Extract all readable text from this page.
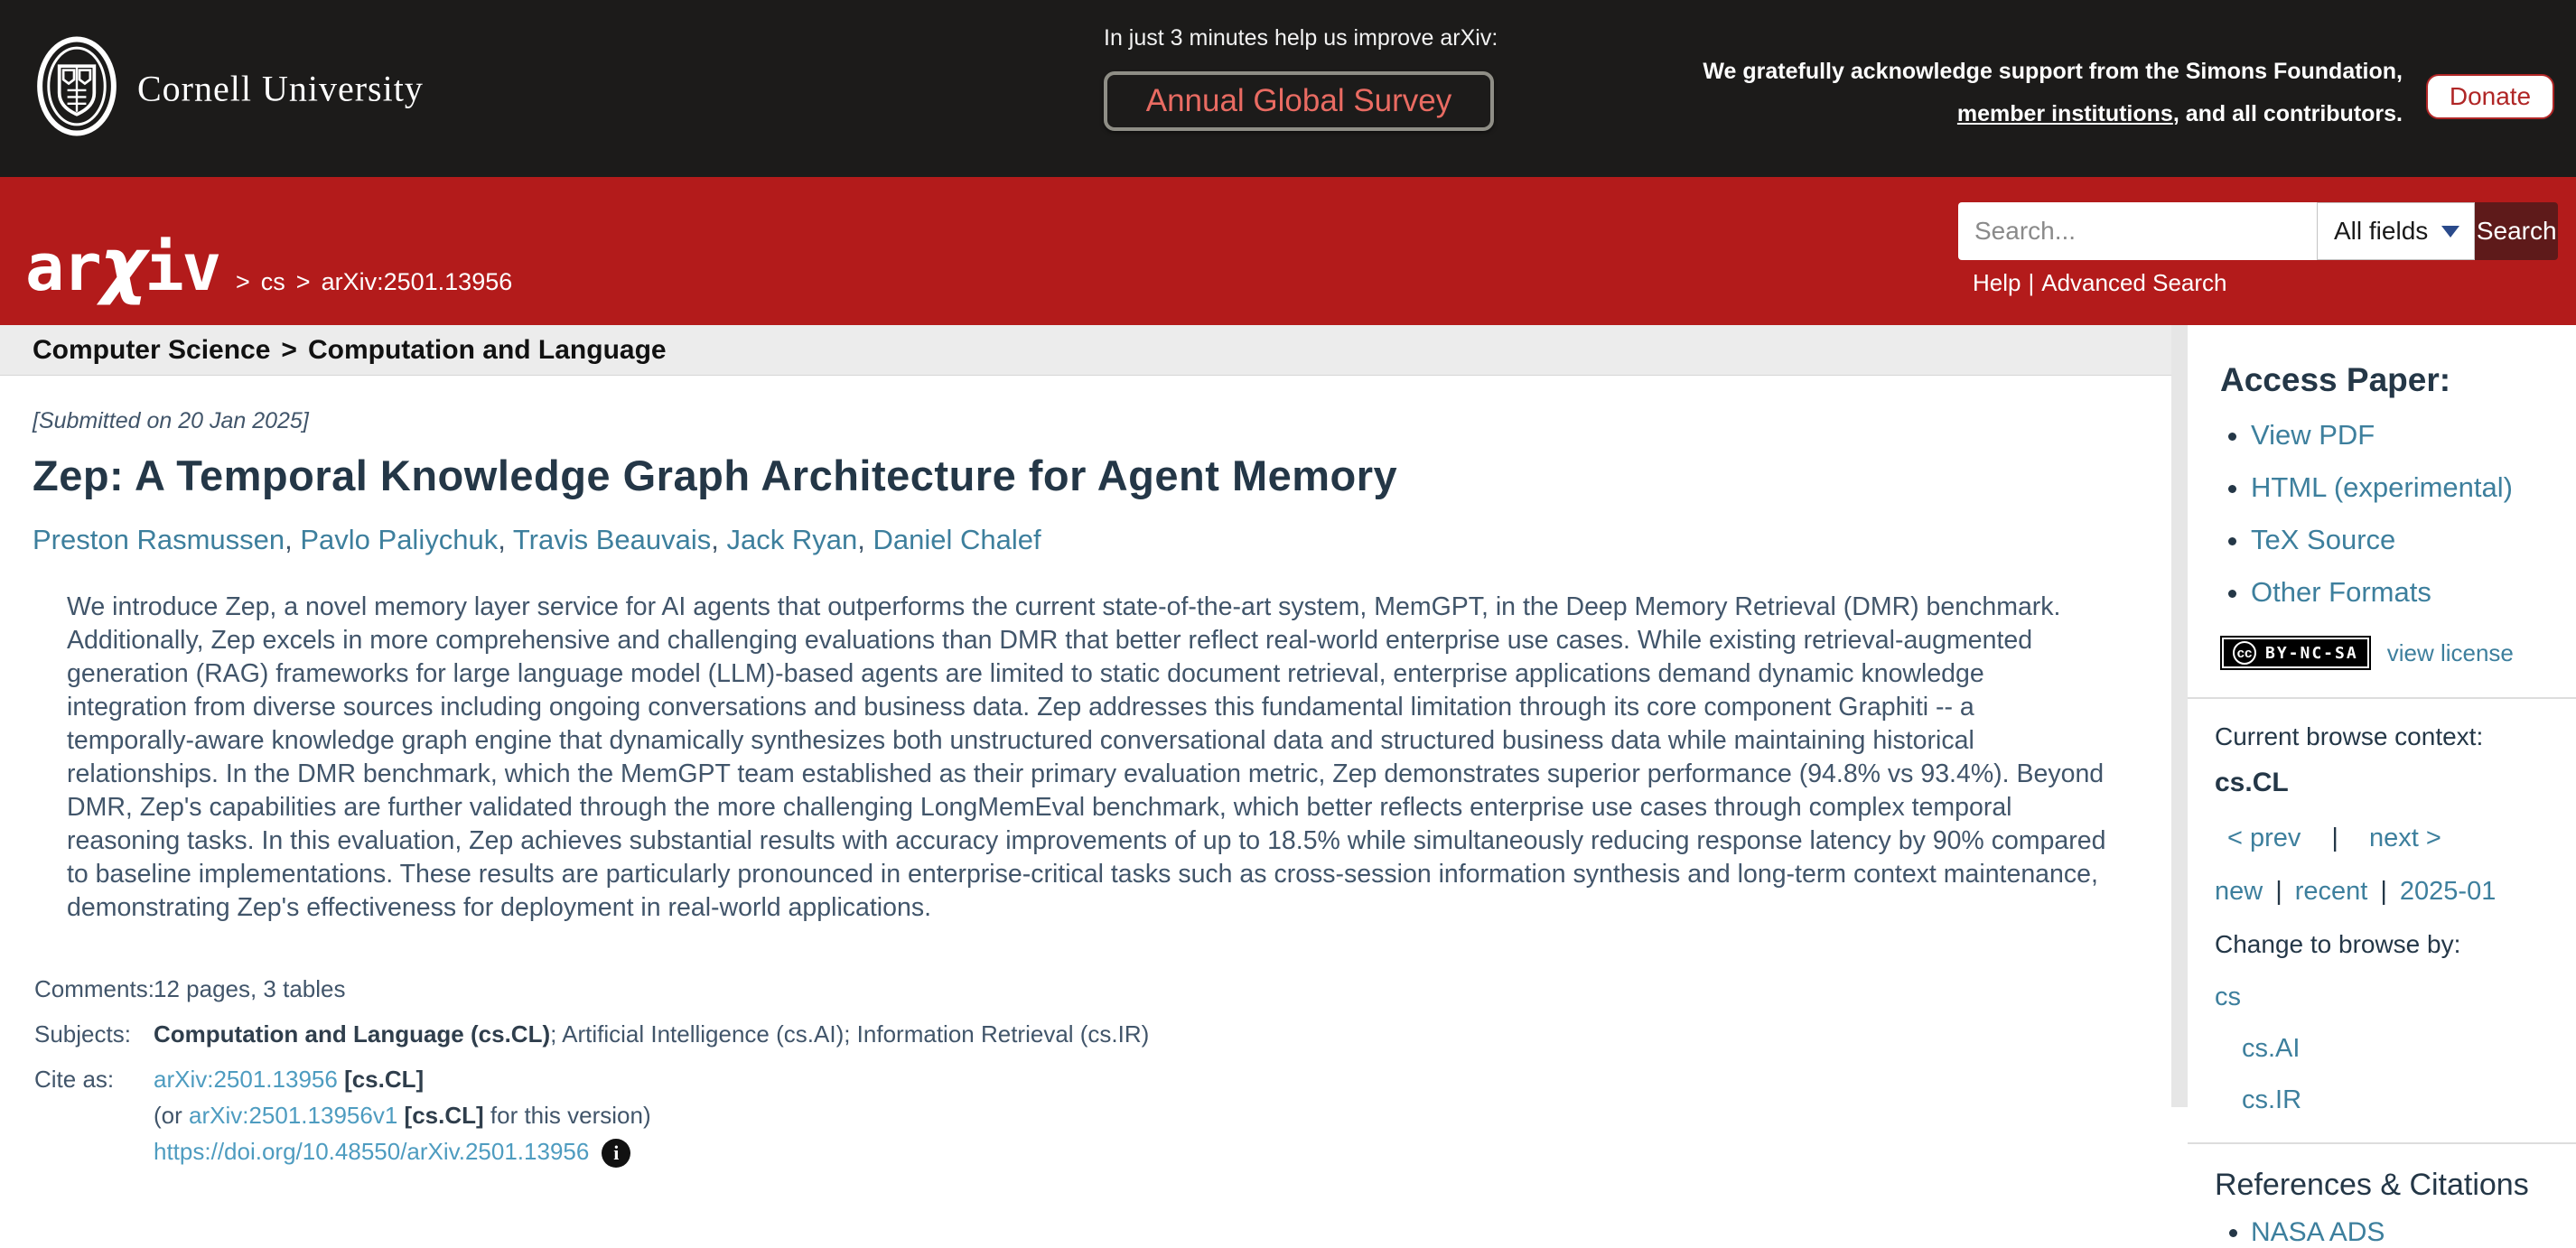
Cornell University
In just 3 minutes help us improve arXiv:
Annual Global Survey
We gratefully acknowledge support from the Simons Foundation,
member institutions, and all contributors.
Donate
arχiv > cs > arXiv:2501.13956
Search...
All fields Search
Help | Advanced Search
Computer Science > Computation and Language
[Submitted on 20 Jan 2025]
Zep: A Temporal Knowledge Graph Architecture for Agent Memory
Preston Rasmussen , Pavlo Paliychuk , Travis Beauvais , Jack Ryan , Daniel Chalef

We introduce Zep, a novel memory layer service for AI agents that outperforms the current state-of-the-art system, MemGPT, in the Deep Memory Retrieval (DMR) benchmark. Additionally, Zep excels in more comprehensive and challenging evaluations than DMR that better reflect real-world enterprise use cases. While existing retrieval-augmented generation (RAG) frameworks for large language model (LLM)-based agents are limited to static document retrieval, enterprise applications demand dynamic knowledge integration from diverse sources including ongoing conversations and business data. Zep addresses this fundamental limitation through its core component Graphiti -- a temporally-aware knowledge graph engine that dynamically synthesizes both unstructured conversational data and structured business data while maintaining historical relationships. In the DMR benchmark, which the MemGPT team established as their primary evaluation metric, Zep demonstrates superior performance (94.8% vs 93.4%). Beyond DMR, Zep's capabilities are further validated through the more challenging LongMemEval benchmark, which better reflects enterprise use cases through complex temporal reasoning tasks. In this evaluation, Zep achieves substantial results with accuracy improvements of up to 18.5% while simultaneously reducing response latency by 90% compared to baseline implementations. These results are particularly pronounced in enterprise-critical tasks such as cross-session information synthesis and long-term context maintenance, demonstrating Zep's effectiveness for deployment in real-world applications.

Comments: 12 pages, 3 tables
Subjects: Computation and Language (cs.CL); Artificial Intelligence (cs.AI); Information Retrieval (cs.IR)
Cite as:	arXiv:2501.13956 [cs.CL]
(or arXiv:2501.13956v1 [cs.CL] for this version)
https://doi.org/10.48550/arXiv.2501.13956 i
Access Paper:
• View PDF
• HTML (experimental)
• TeX Source
• Other Formats
cc BY-NC-SA view license
Current browse context:
cs.CL
< prev | next >
new | recent | 2025-01
Change to browse by:
cs
cs.AI
cs.IR
References & Citations
• NASA ADS
